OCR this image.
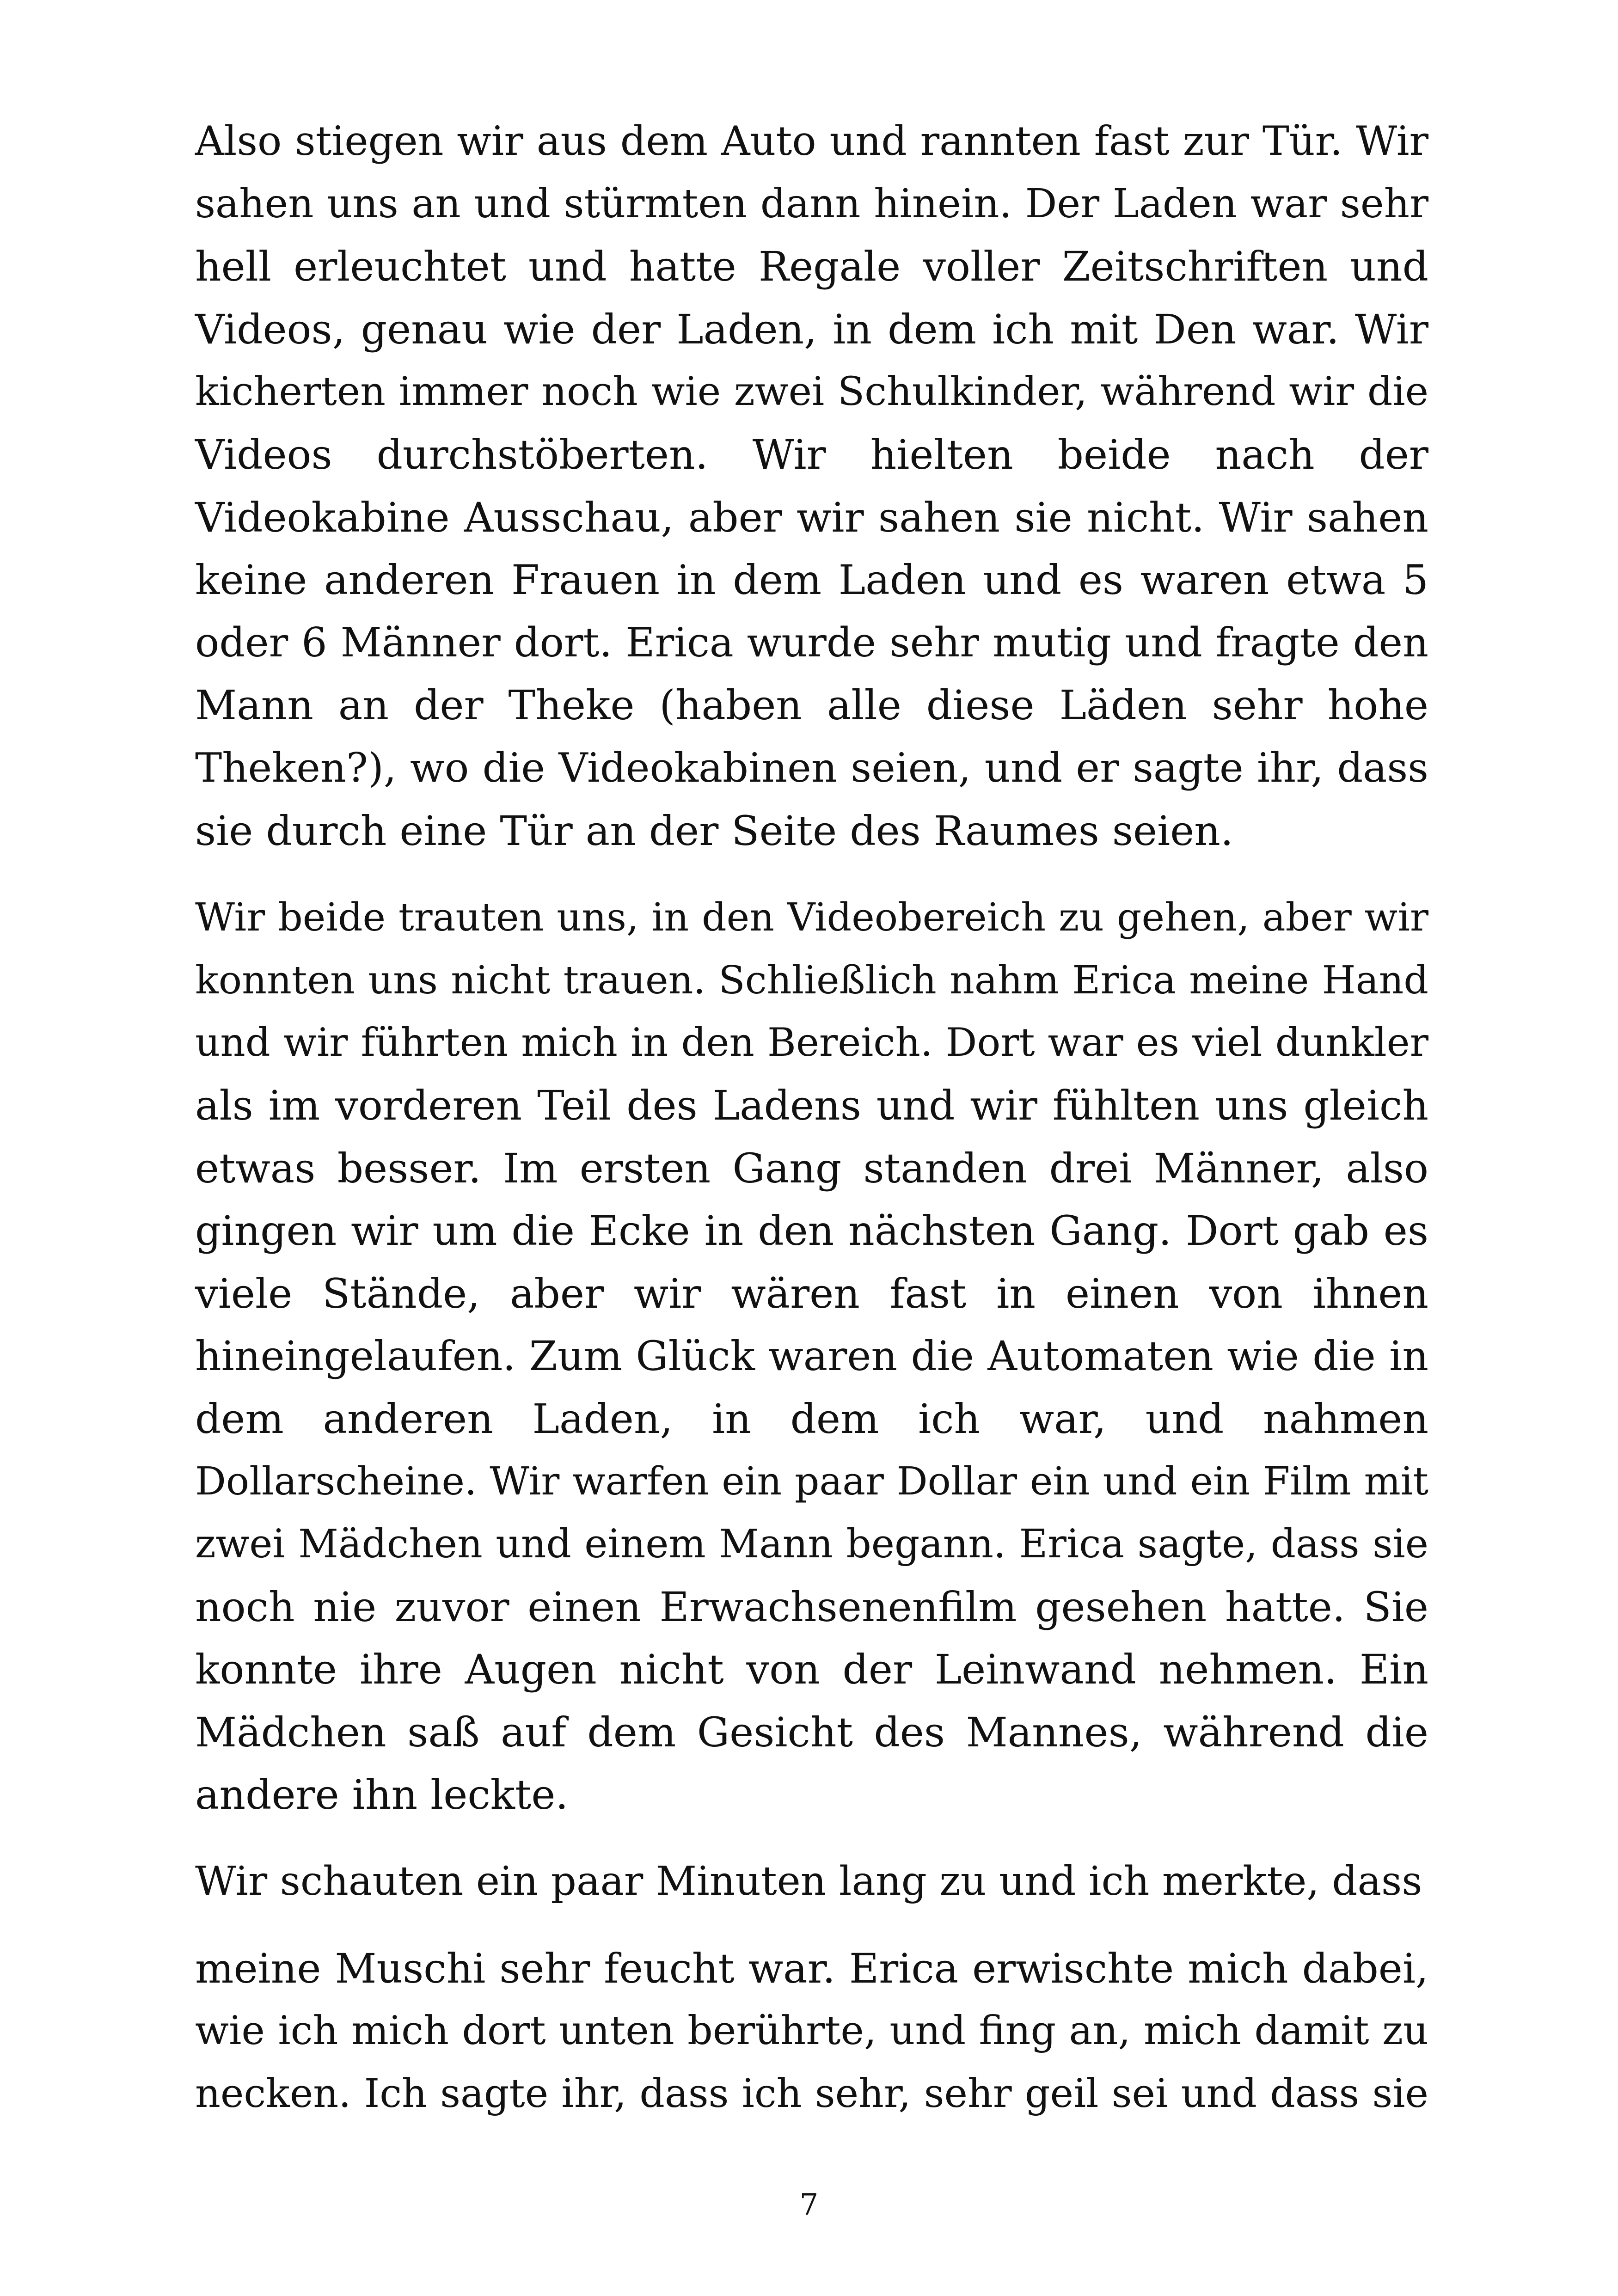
Also stiegen wir aus dem Auto und rannten fast zur Tür. Wir
sahen uns an und stürmten dann hinein. Der Laden war sehr
hell erleuchtet und hatte Regale voller Zeitschriften und
Videos, genau wie der Laden, in dem ich mit Den war. Wir
kicherten immer noch wie zwei Schulkinder, während wir die
Videos durchstöberten. Wir hielten beide nach der
Videokabine Ausschau, aber wir sahen sie nicht. Wir sahen
keine anderen Frauen in dem Laden und es waren etwa 5
oder 6 Männer dort. Erica wurde sehr mutig und fragte den
Mann an der Theke (haben alle diese Läden sehr hohe
Theken?), wo die Videokabinen seien, und er sagte ihr, dass
sie durch eine Tür an der Seite des Raumes seien.

Wir beide trauten uns, in den Videobereich zu gehen, aber wir
konnten uns nicht trauen. Schließlich nahm Erica meine Hand
und wir führten mich in den Bereich. Dort war es viel dunkler
als im vorderen Teil des Ladens und wir fühlten uns gleich
etwas besser. Im ersten Gang standen drei Männer, also
gingen wir um die Ecke in den nächsten Gang. Dort gab es
viele Stände, aber wir wären fast in einen von ihnen
hineingelaufen. Zum Glück waren die Automaten wie die in
dem anderen Laden, in dem ich war, und nahmen
Dollarscheine. Wir warfen ein paar Dollar ein und ein Film mit
zwei Mädchen und einem Mann begann. Erica sagte, dass sie
noch nie zuvor einen Erwachsenenfilm gesehen hatte. Sie
konnte ihre Augen nicht von der Leinwand nehmen. Ein
Mädchen saß auf dem Gesicht des Mannes, während die
andere ihn leckte.

Wir schauten ein paar Minuten lang zu und ich merkte, dass

meine Muschi sehr feucht war. Erica erwischte mich dabei,
wie ich mich dort unten berührte, und fing an, mich damit zu
necken. Ich sagte ihr, dass ich sehr, sehr geil sei und dass sie

7
